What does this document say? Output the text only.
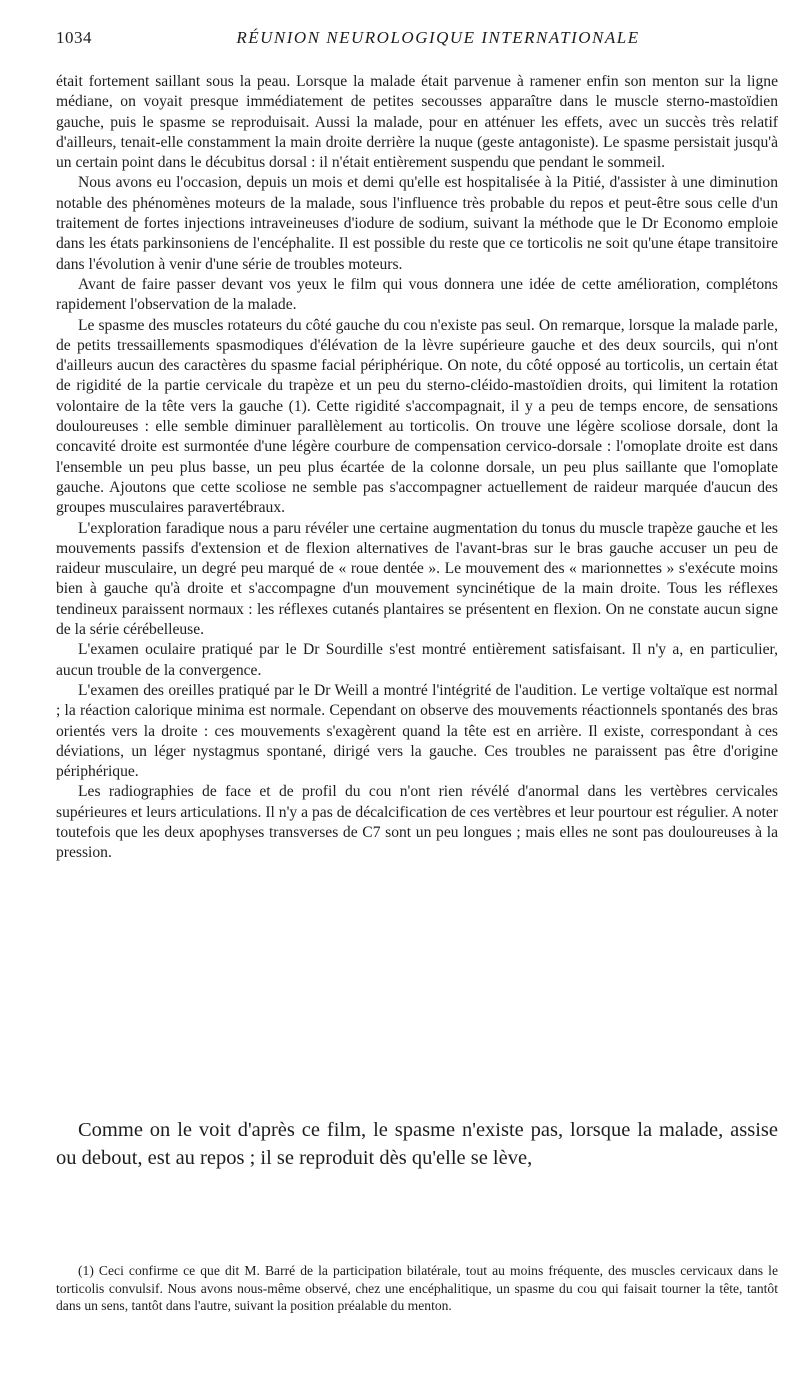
1034	RÉUNION NEUROLOGIQUE INTERNATIONALE

était fortement saillant sous la peau. Lorsque la malade était parvenue à ramener enfin son menton sur la ligne médiane, on voyait presque immédiatement de petites secousses apparaître dans le muscle sterno-mastoïdien gauche, puis le spasme se reproduisait. Aussi la malade, pour en atténuer les effets, avec un succès très relatif d'ailleurs, tenait-elle constamment la main droite derrière la nuque (geste antagoniste). Le spasme persistait jusqu'à un certain point dans le décubitus dorsal : il n'était entièrement suspendu que pendant le sommeil.

Nous avons eu l'occasion, depuis un mois et demi qu'elle est hospitalisée à la Pitié, d'assister à une diminution notable des phénomènes moteurs de la malade, sous l'influence très probable du repos et peut-être sous celle d'un traitement de fortes injections intraveineuses d'iodure de sodium, suivant la méthode que le Dr Economo emploie dans les états parkinsoniens de l'encéphalite. Il est possible du reste que ce torticolis ne soit qu'une étape transitoire dans l'évolution à venir d'une série de troubles moteurs.

Avant de faire passer devant vos yeux le film qui vous donnera une idée de cette amélioration, complétons rapidement l'observation de la malade.

Le spasme des muscles rotateurs du côté gauche du cou n'existe pas seul. On remarque, lorsque la malade parle, de petits tressaillements spasmodiques d'élévation de la lèvre supérieure gauche et des deux sourcils, qui n'ont d'ailleurs aucun des caractères du spasme facial périphérique. On note, du côté opposé au torticolis, un certain état de rigidité de la partie cervicale du trapèze et un peu du sterno-cléido-mastoïdien droits, qui limitent la rotation volontaire de la tête vers la gauche (1). Cette rigidité s'accompagnait, il y a peu de temps encore, de sensations douloureuses : elle semble diminuer parallèlement au torticolis. On trouve une légère scoliose dorsale, dont la concavité droite est surmontée d'une légère courbure de compensation cervico-dorsale : l'omoplate droite est dans l'ensemble un peu plus basse, un peu plus écartée de la colonne dorsale, un peu plus saillante que l'omoplate gauche. Ajoutons que cette scoliose ne semble pas s'accompagner actuellement de raideur marquée d'aucun des groupes musculaires paravertébraux.

L'exploration faradique nous a paru révéler une certaine augmentation du tonus du muscle trapèze gauche et les mouvements passifs d'extension et de flexion alternatives de l'avant-bras sur le bras gauche accuser un peu de raideur musculaire, un degré peu marqué de « roue dentée ». Le mouvement des « marionnettes » s'exécute moins bien à gauche qu'à droite et s'accompagne d'un mouvement syncinétique de la main droite. Tous les réflexes tendineux paraissent normaux : les réflexes cutanés plantaires se présentent en flexion. On ne constate aucun signe de la série cérébelleuse.

L'examen oculaire pratiqué par le Dr Sourdille s'est montré entièrement satisfaisant. Il n'y a, en particulier, aucun trouble de la convergence.

L'examen des oreilles pratiqué par le Dr Weill a montré l'intégrité de l'audition. Le vertige voltaïque est normal ; la réaction calorique minima est normale. Cependant on observe des mouvements réactionnels spontanés des bras orientés vers la droite : ces mouvements s'exagèrent quand la tête est en arrière. Il existe, correspondant à ces déviations, un léger nystagmus spontané, dirigé vers la gauche. Ces troubles ne paraissent pas être d'origine périphérique.

Les radiographies de face et de profil du cou n'ont rien révélé d'anormal dans les vertèbres cervicales supérieures et leurs articulations. Il n'y a pas de décalcification de ces vertèbres et leur pourtour est régulier. A noter toutefois que les deux apophyses transverses de C7 sont un peu longues ; mais elles ne sont pas douloureuses à la pression.

Comme on le voit d'après ce film, le spasme n'existe pas, lorsque la malade, assise ou debout, est au repos ; il se reproduit dès qu'elle se lève,

(1) Ceci confirme ce que dit M. Barré de la participation bilatérale, tout au moins fréquente, des muscles cervicaux dans le torticolis convulsif. Nous avons nous-même observé, chez une encéphalitique, un spasme du cou qui faisait tourner la tête, tantôt dans un sens, tantôt dans l'autre, suivant la position préalable du menton.
